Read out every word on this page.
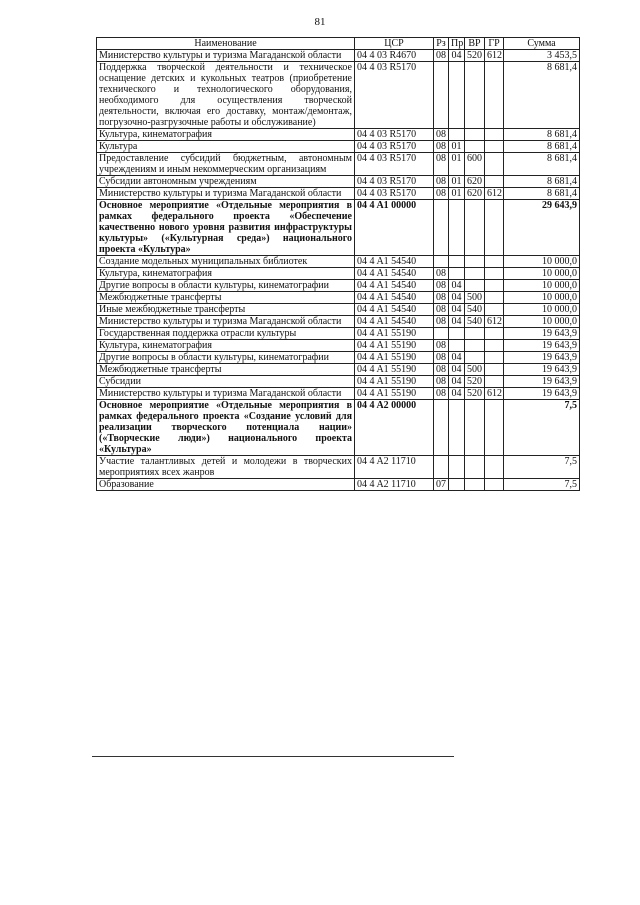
81
Наименование	ЦСР	Рз	Пр	ВР	ГР	Сумма
Министерство культуры и туризма Магаданской области	04 4 03 R4670	08	04	520	612	3 453,5
Поддержка творческой деятельности и техническое оснащение детских и кукольных театров (приобретение технического и технологического оборудования, необходимого для осуществления творческой деятельности, включая его доставку, монтаж/демонтаж, погрузочно-разгрузочные работы и обслуживание)	04 4 03 R5170					8 681,4
Культура, кинематография	04 4 03 R5170	08				8 681,4
Культура	04 4 03 R5170	08	01			8 681,4
Предоставление субсидий бюджетным, автономным учреждениям и иным некоммерческим организациям	04 4 03 R5170	08	01	600		8 681,4
Субсидии автономным учреждениям	04 4 03 R5170	08	01	620		8 681,4
Министерство культуры и туризма Магаданской области	04 4 03 R5170	08	01	620	612	8 681,4
Основное мероприятие «Отдельные мероприятия в рамках федерального проекта «Обеспечение качественно нового уровня развития инфраструктуры культуры» («Культурная среда») национального проекта «Культура»	04 4 A1 00000					29 643,9
Создание модельных муниципальных библиотек	04 4 A1 54540					10 000,0
Культура, кинематография	04 4 A1 54540	08				10 000,0
Другие вопросы в области культуры, кинематографии	04 4 A1 54540	08	04			10 000,0
Межбюджетные трансферты	04 4 A1 54540	08	04	500		10 000,0
Иные межбюджетные трансферты	04 4 A1 54540	08	04	540		10 000,0
Министерство культуры и туризма Магаданской области	04 4 A1 54540	08	04	540	612	10 000,0
Государственная поддержка отрасли культуры	04 4 A1 55190					19 643,9
Культура, кинематография	04 4 A1 55190	08				19 643,9
Другие вопросы в области культуры, кинематографии	04 4 A1 55190	08	04			19 643,9
Межбюджетные трансферты	04 4 A1 55190	08	04	500		19 643,9
Субсидии	04 4 A1 55190	08	04	520		19 643,9
Министерство культуры и туризма Магаданской области	04 4 A1 55190	08	04	520	612	19 643,9
Основное мероприятие «Отдельные мероприятия в рамках федерального проекта «Создание условий для реализации творческого потенциала нации» («Творческие люди») национального проекта «Культура»	04 4 A2 00000					7,5
Участие талантливых детей и молодежи в творческих мероприятиях всех жанров	04 4 A2 11710					7,5
Образование	04 4 A2 11710	07				7,5
